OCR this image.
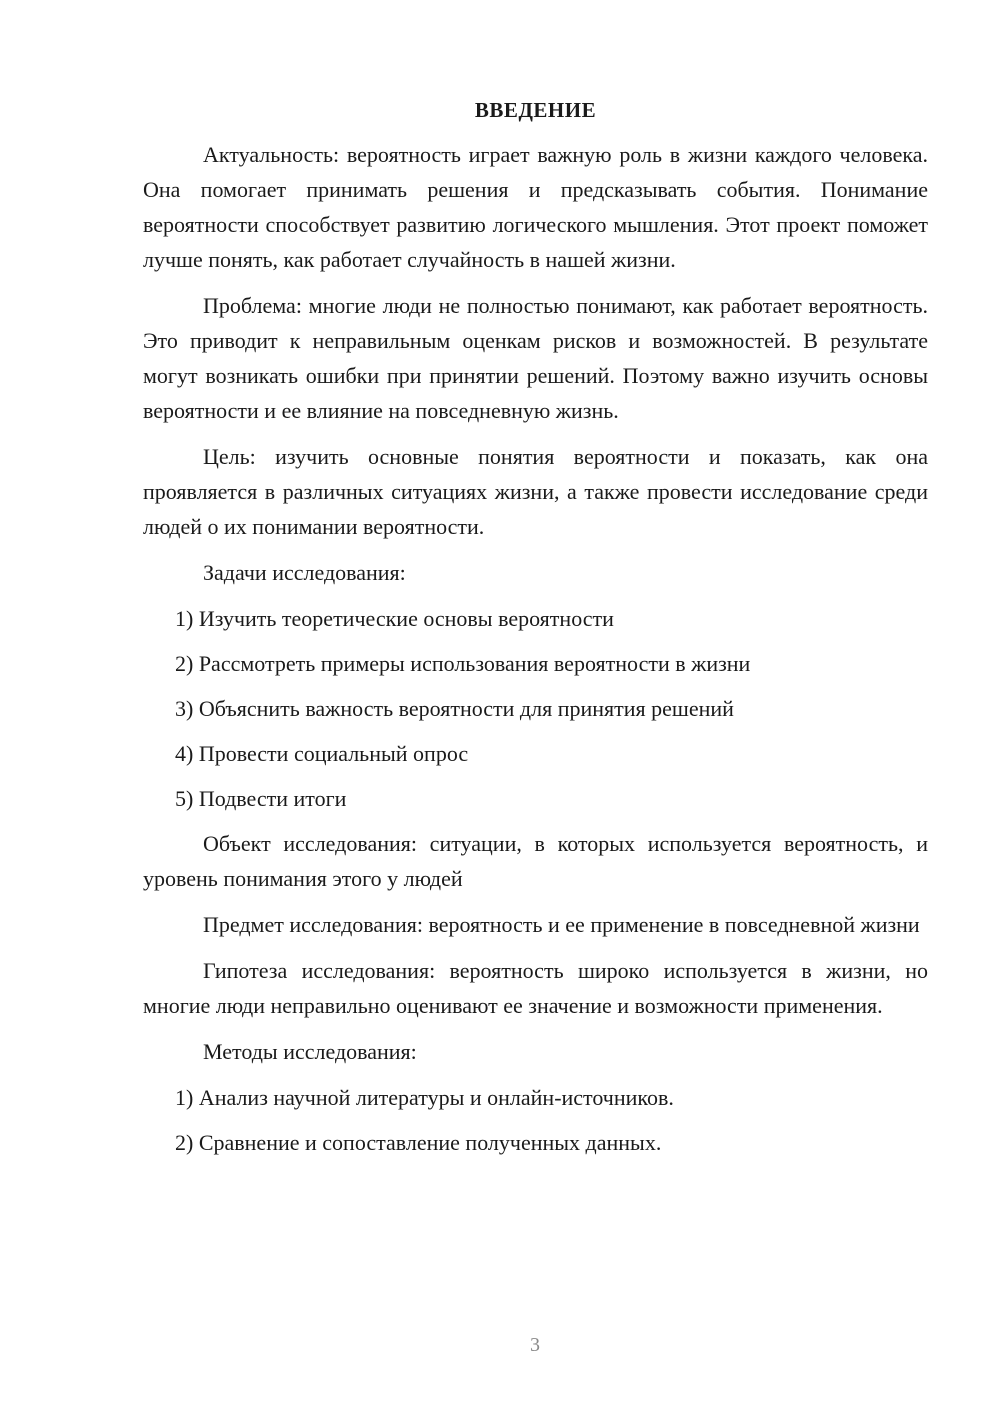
ВВЕДЕНИЕ

Актуальность: вероятность играет важную роль в жизни каждого человека. Она помогает принимать решения и предсказывать события. Понимание вероятности способствует развитию логического мышления. Этот проект поможет лучше понять, как работает случайность в нашей жизни.

Проблема: многие люди не полностью понимают, как работает вероятность. Это приводит к неправильным оценкам рисков и возможностей. В результате могут возникать ошибки при принятии решений. Поэтому важно изучить основы вероятности и ее влияние на повседневную жизнь.

Цель: изучить основные понятия вероятности и показать, как она проявляется в различных ситуациях жизни, а также провести исследование среди людей о их понимании вероятности.

Задачи исследования:

1) Изучить теоретические основы вероятности

2) Рассмотреть примеры использования вероятности в жизни

3) Объяснить важность вероятности для принятия решений

4) Провести социальный опрос

5) Подвести итоги

Объект исследования: ситуации, в которых используется вероятность, и уровень понимания этого у людей

Предмет исследования: вероятность и ее применение в повседневной жизни

Гипотеза исследования: вероятность широко используется в жизни, но многие люди неправильно оценивают ее значение и возможности применения.

Методы исследования:

1) Анализ научной литературы и онлайн-источников.

2) Сравнение и сопоставление полученных данных.

3
